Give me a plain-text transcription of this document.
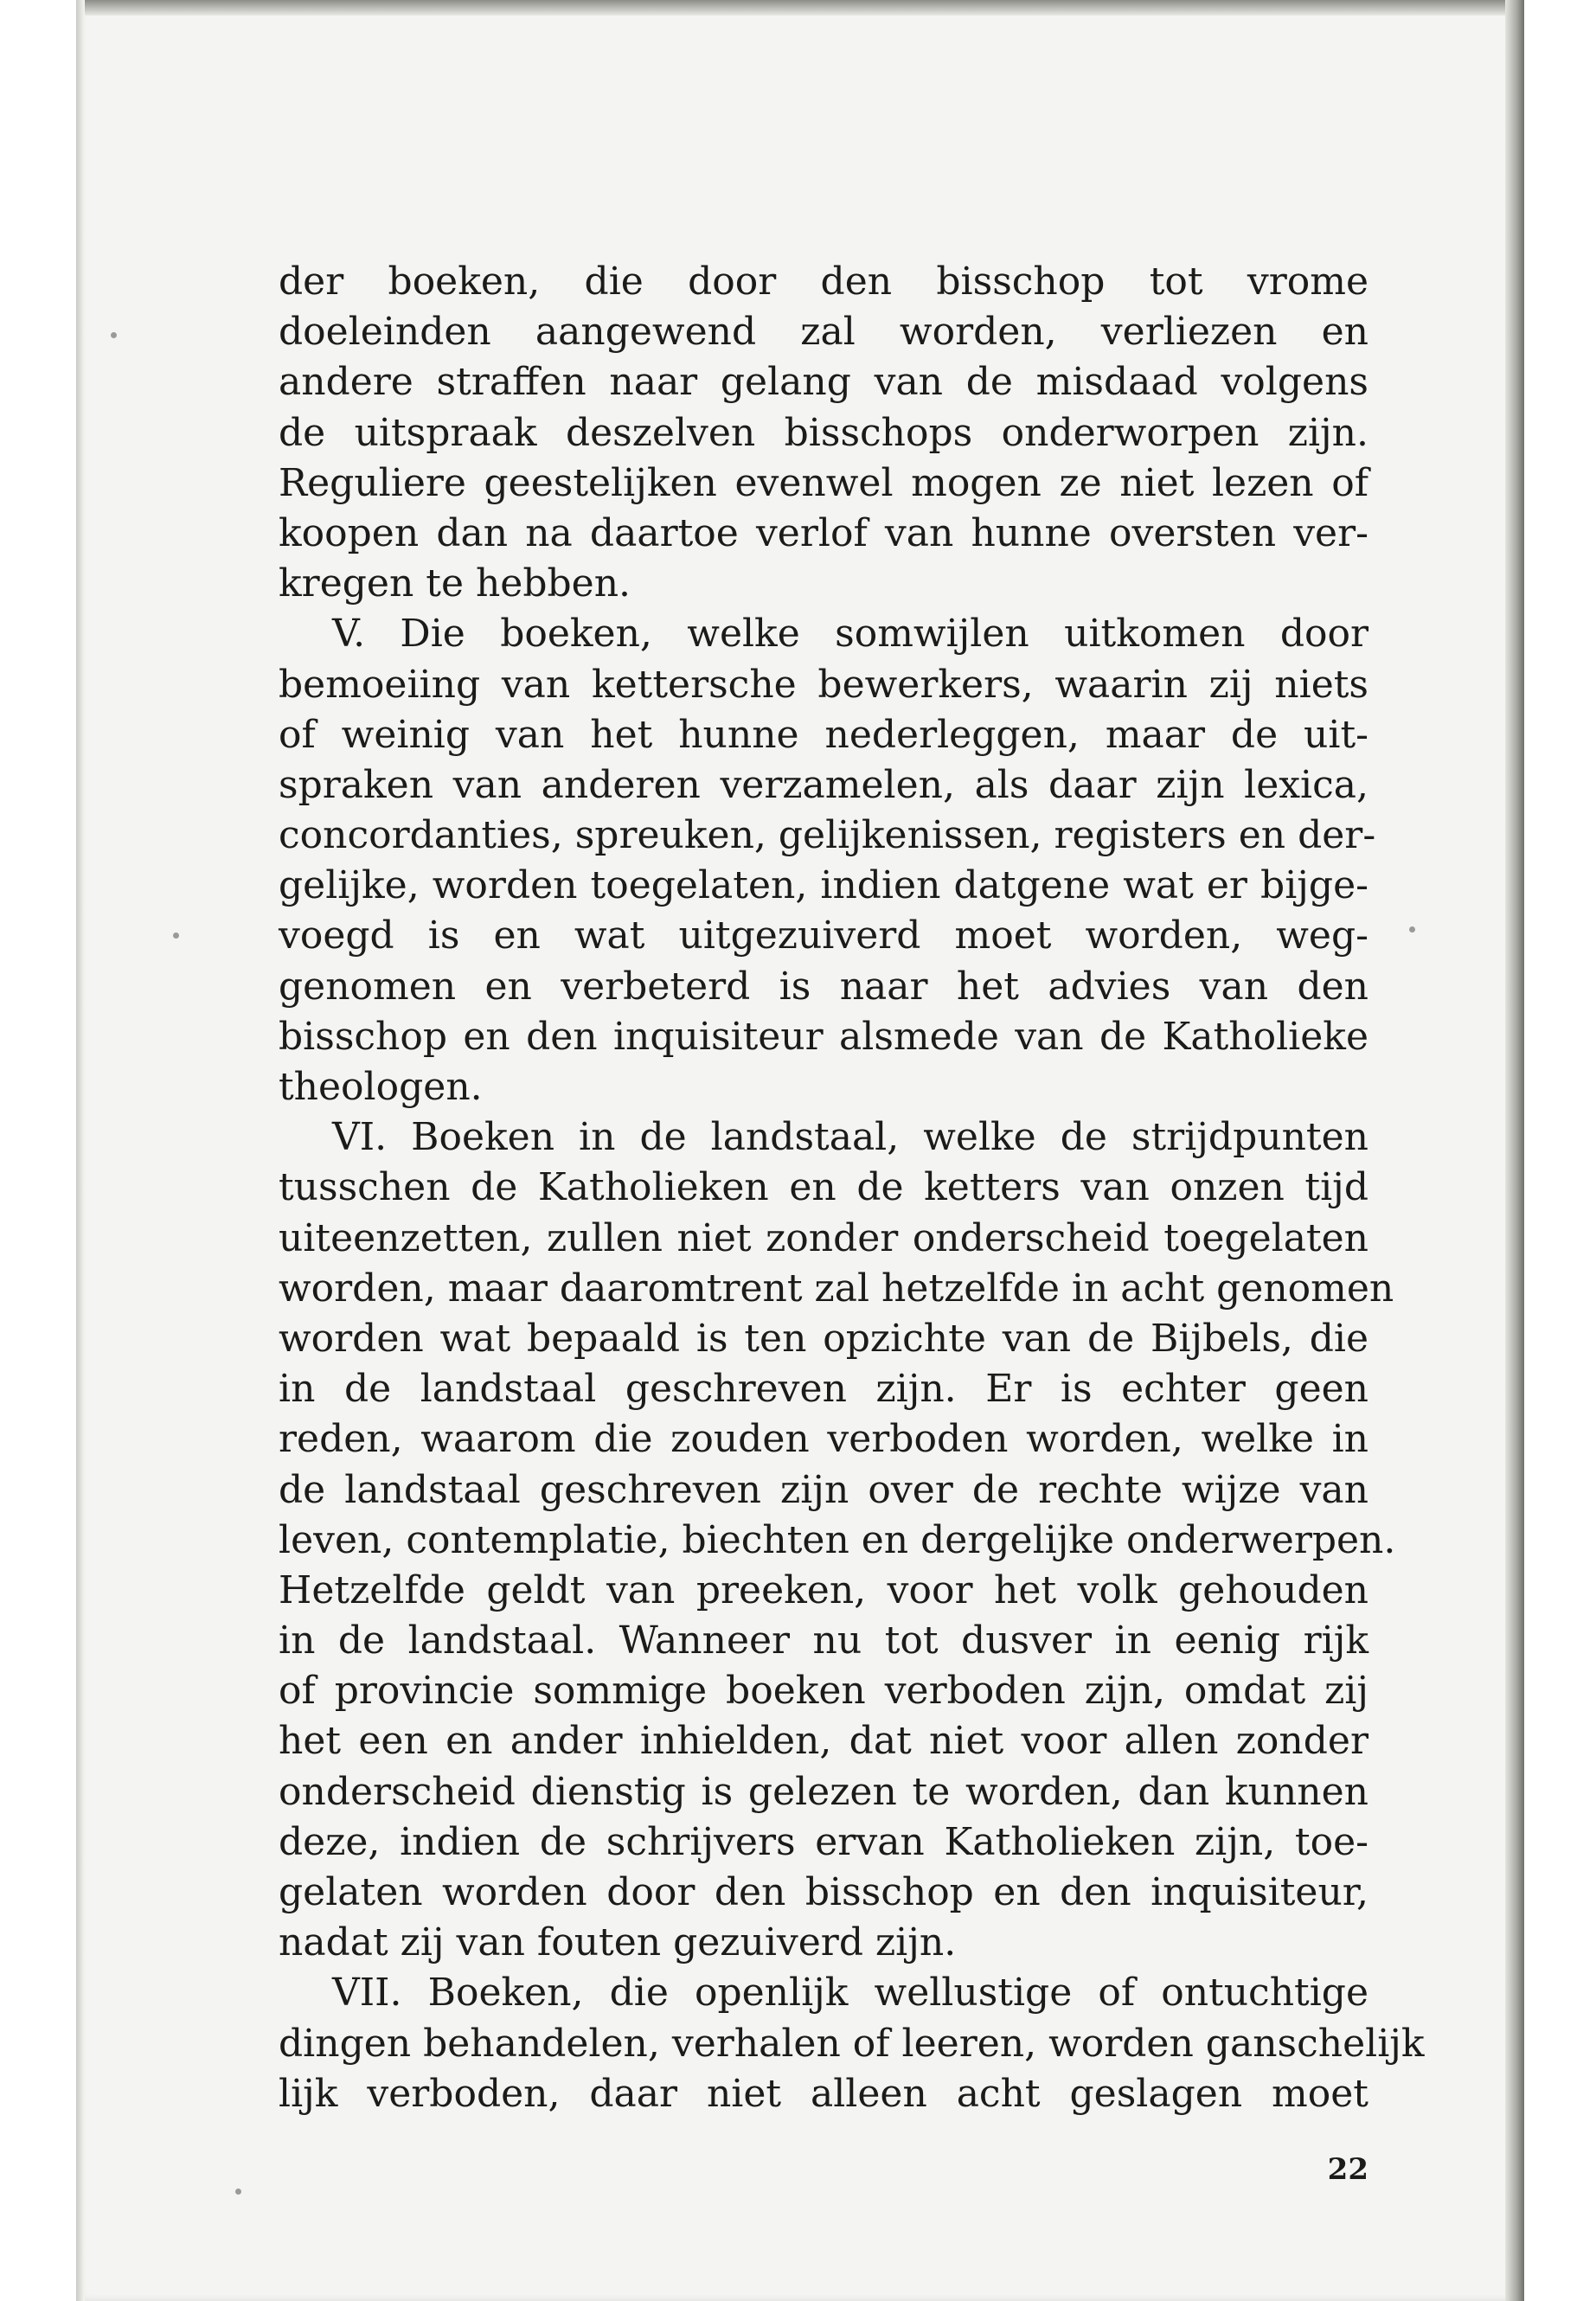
der boeken, die door den bisschop tot vrome
doeleinden aangewend zal worden, verliezen en
andere straffen naar gelang van de misdaad volgens
de uitspraak deszelven bisschops onderworpen zijn.
Reguliere geestelijken evenwel mogen ze niet lezen of
koopen dan na daartoe verlof van hunne oversten ver-
kregen te hebben.
V. Die boeken, welke somwijlen uitkomen door
bemoeiing van kettersche bewerkers, waarin zij niets
of weinig van het hunne nederleggen, maar de uit-
spraken van anderen verzamelen, als daar zijn lexica,
concordanties, spreuken, gelijkenissen, registers en der-
gelijke, worden toegelaten, indien datgene wat er bijge-
voegd is en wat uitgezuiverd moet worden, weg-
genomen en verbeterd is naar het advies van den
bisschop en den inquisiteur alsmede van de Katholieke
theologen.
VI. Boeken in de landstaal, welke de strijdpunten
tusschen de Katholieken en de ketters van onzen tijd
uiteenzetten, zullen niet zonder onderscheid toegelaten
worden, maar daaromtrent zal hetzelfde in acht genomen
worden wat bepaald is ten opzichte van de Bijbels, die
in de landstaal geschreven zijn. Er is echter geen
reden, waarom die zouden verboden worden, welke in
de landstaal geschreven zijn over de rechte wijze van
leven, contemplatie, biechten en dergelijke onderwerpen.
Hetzelfde geldt van preeken, voor het volk gehouden
in de landstaal. Wanneer nu tot dusver in eenig rijk
of provincie sommige boeken verboden zijn, omdat zij
het een en ander inhielden, dat niet voor allen zonder
onderscheid dienstig is gelezen te worden, dan kunnen
deze, indien de schrijvers ervan Katholieken zijn, toe-
gelaten worden door den bisschop en den inquisiteur,
nadat zij van fouten gezuiverd zijn.
VII. Boeken, die openlijk wellustige of ontuchtige
dingen behandelen, verhalen of leeren, worden ganschelijk
lijk verboden, daar niet alleen acht geslagen moet
22
